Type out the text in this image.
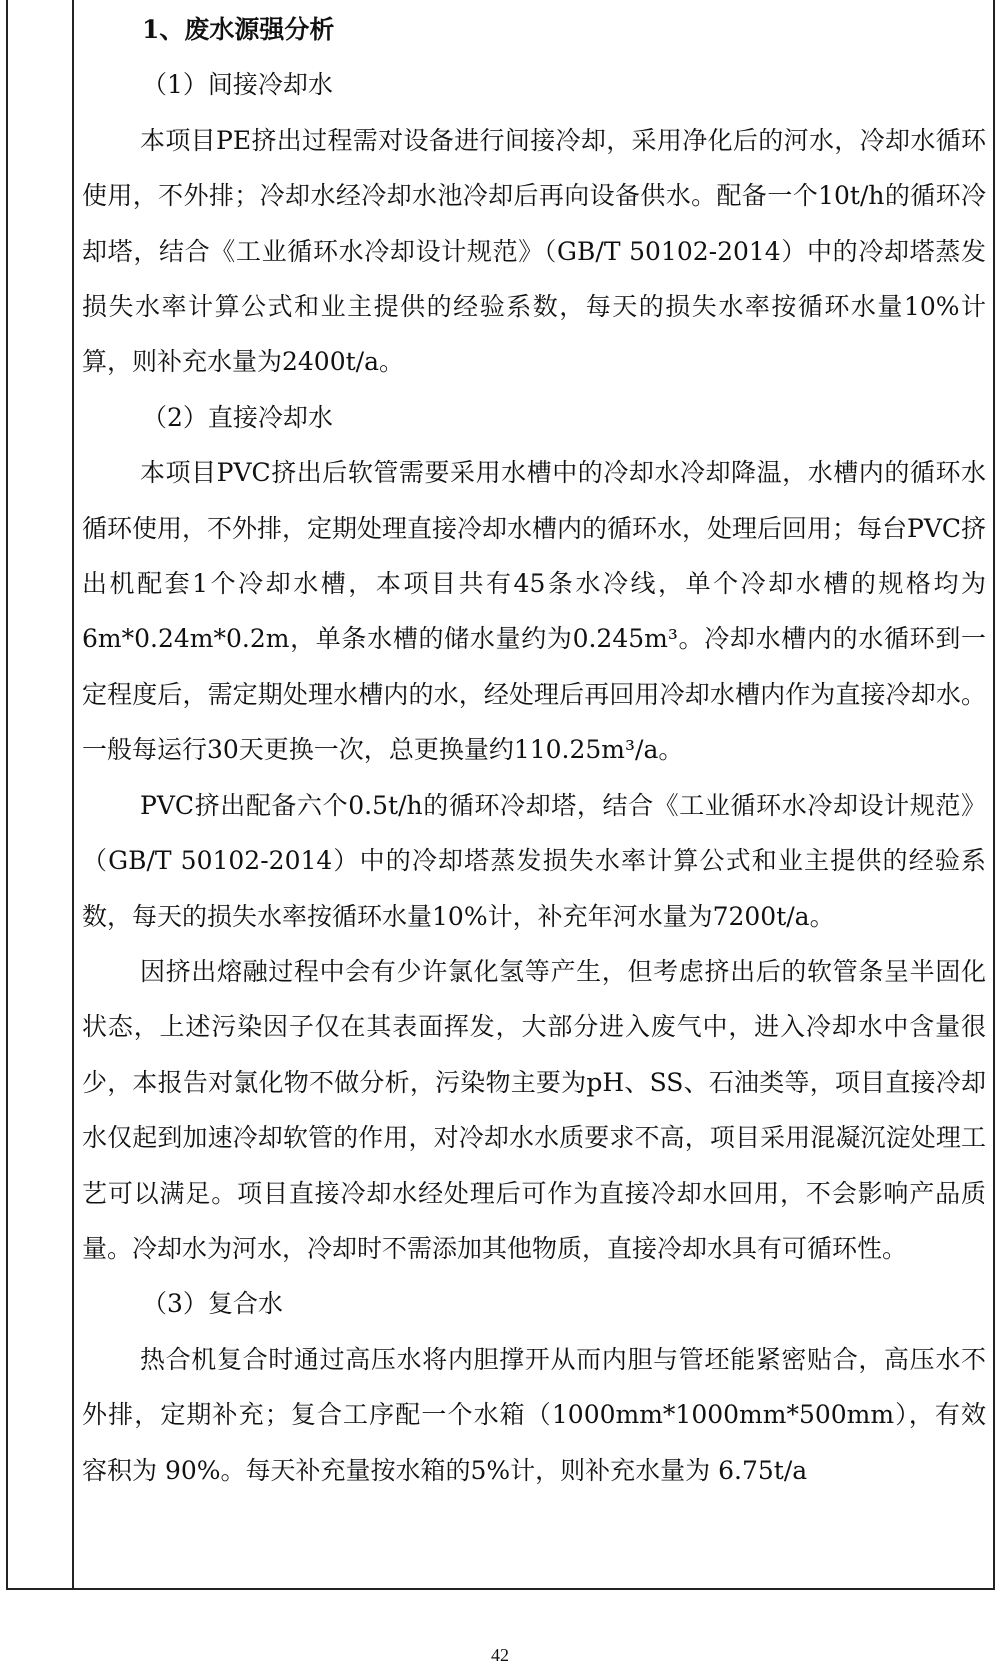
1、废水源强分析

（1）间接冷却水

本项目PE挤出过程需对设备进行间接冷却，采用净化后的河水，冷却水循环使用，不外排；冷却水经冷却水池冷却后再向设备供水。配备一个10t/h的循环冷却塔，结合《工业循环水冷却设计规范》（GB/T 50102-2014）中的冷却塔蒸发损失水率计算公式和业主提供的经验系数，每天的损失水率按循环水量10%计算，则补充水量为2400t/a。

（2）直接冷却水

本项目PVC挤出后软管需要采用水槽中的冷却水冷却降温，水槽内的循环水循环使用，不外排，定期处理直接冷却水槽内的循环水，处理后回用；每台PVC挤出机配套1个冷却水槽，本项目共有45条水冷线，单个冷却水槽的规格均为6m*0.24m*0.2m，单条水槽的储水量约为0.245m³。冷却水槽内的水循环到一定程度后，需定期处理水槽内的水，经处理后再回用冷却水槽内作为直接冷却水。一般每运行30天更换一次，总更换量约110.25m³/a。

PVC挤出配备六个0.5t/h的循环冷却塔，结合《工业循环水冷却设计规范》（GB/T 50102-2014）中的冷却塔蒸发损失水率计算公式和业主提供的经验系数，每天的损失水率按循环水量10%计，补充年河水量为7200t/a。

因挤出熔融过程中会有少许氯化氢等产生，但考虑挤出后的软管条呈半固化状态，上述污染因子仅在其表面挥发，大部分进入废气中，进入冷却水中含量很少，本报告对氯化物不做分析，污染物主要为pH、SS、石油类等，项目直接冷却水仅起到加速冷却软管的作用，对冷却水水质要求不高，项目采用混凝沉淀处理工艺可以满足。项目直接冷却水经处理后可作为直接冷却水回用，不会影响产品质量。冷却水为河水，冷却时不需添加其他物质，直接冷却水具有可循环性。

（3）复合水

热合机复合时通过高压水将内胆撑开从而内胆与管坯能紧密贴合，高压水不外排，定期补充；复合工序配一个水箱（1000mm*1000mm*500mm），有效容积为 90%。每天补充量按水箱的5%计，则补充水量为 6.75t/a

42
